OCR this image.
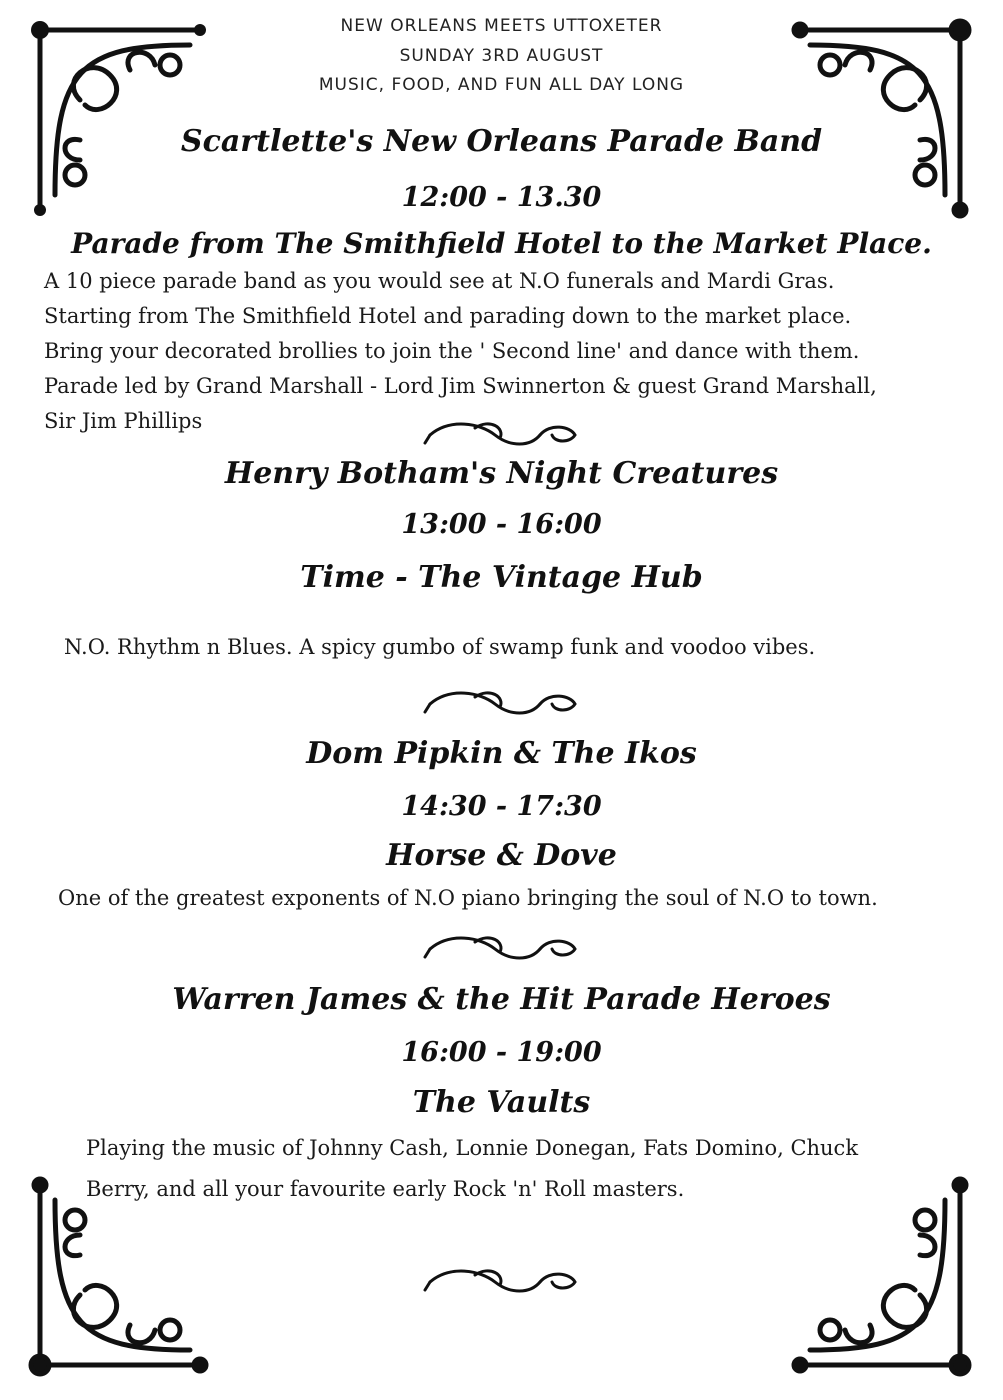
NEW ORLEANS MEETS UTTOXETER
SUNDAY 3RD AUGUST
MUSIC, FOOD, AND FUN ALL DAY LONG
Scartlette's New Orleans Parade Band
12:00 - 13.30
Parade from The Smithfield Hotel to the Market Place.
A 10 piece parade band as you would see at N.O funerals and Mardi Gras.
Starting from The Smithfield Hotel and parading down to the market place.
Bring your decorated brollies to join the ' Second line' and dance with them.
Parade led by Grand Marshall - Lord Jim Swinnerton & guest Grand Marshall,
Sir Jim Phillips
Henry Botham's Night Creatures
13:00 - 16:00
Time - The Vintage Hub
N.O. Rhythm n Blues. A spicy gumbo of swamp funk and voodoo vibes.
Dom Pipkin & The Ikos
14:30 - 17:30
Horse & Dove
One of the greatest exponents of N.O piano bringing the soul of N.O to town.
Warren James & the Hit Parade Heroes
16:00 - 19:00
The Vaults
Playing the music of Johnny Cash, Lonnie Donegan, Fats Domino, Chuck
Berry, and all your favourite early Rock 'n' Roll masters.
